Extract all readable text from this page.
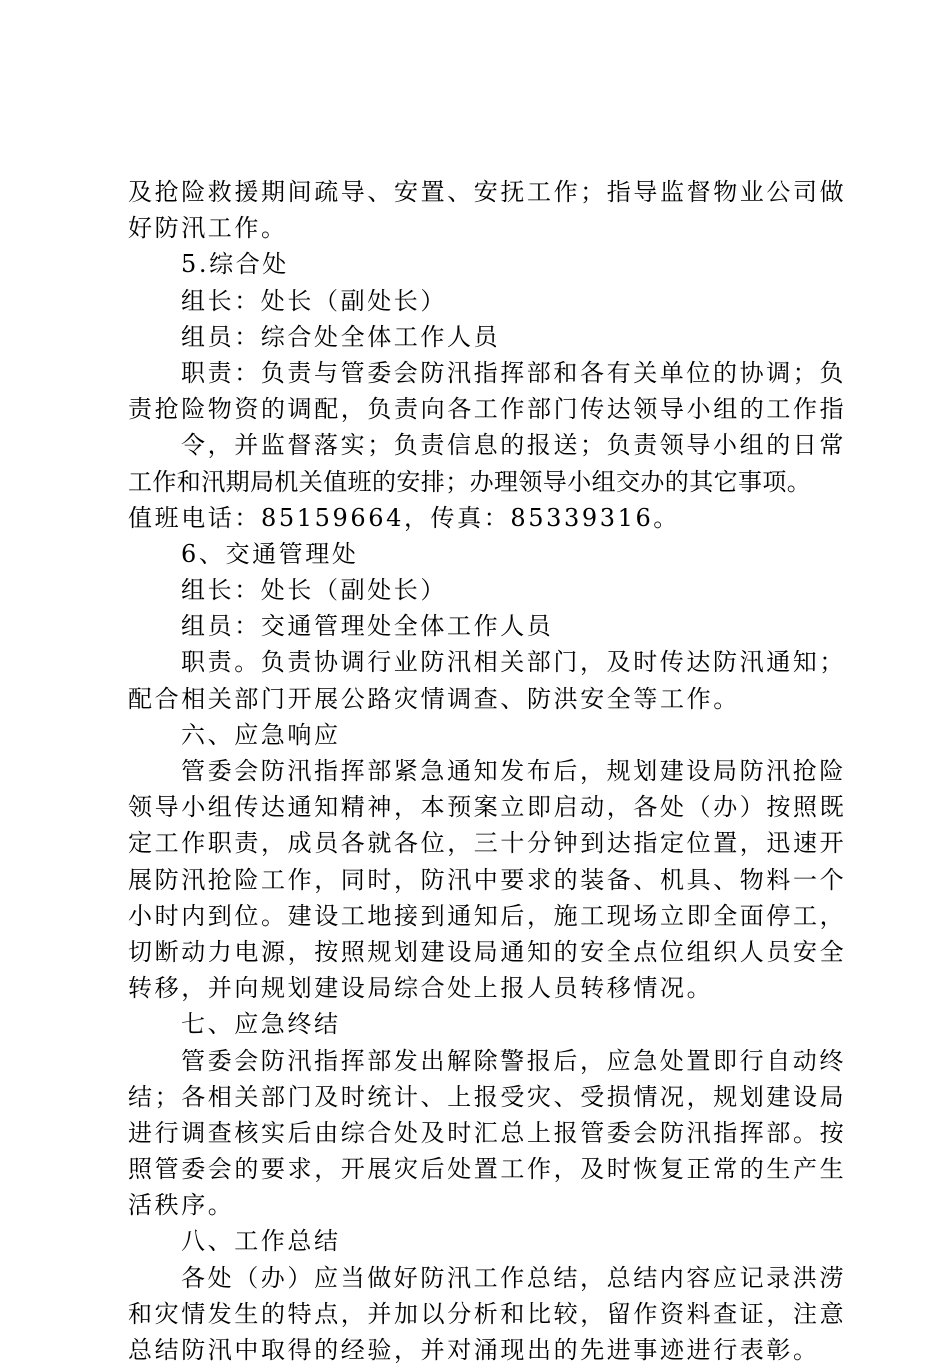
及抢险救援期间疏导、安置、安抚工作；指导监督物业公司做
好防汛工作。
5.综合处
组长：处长（副处长）
组员：综合处全体工作人员
职责：负责与管委会防汛指挥部和各有关单位的协调；负
责抢险物资的调配，负责向各工作部门传达领导小组的工作指
令，并监督落实；负责信息的报送；负责领导小组的日常
工作和汛期局机关值班的安排；办理领导小组交办的其它事项。
值班电话：85159664，传真：85339316。
6、交通管理处
组长：处长（副处长）
组员：交通管理处全体工作人员
职责。负责协调行业防汛相关部门，及时传达防汛通知；
配合相关部门开展公路灾情调查、防洪安全等工作。
六、应急响应
管委会防汛指挥部紧急通知发布后，规划建设局防汛抢险
领导小组传达通知精神，本预案立即启动，各处（办）按照既
定工作职责，成员各就各位，三十分钟到达指定位置，迅速开
展防汛抢险工作，同时，防汛中要求的装备、机具、物料一个
小时内到位。建设工地接到通知后，施工现场立即全面停工，
切断动力电源，按照规划建设局通知的安全点位组织人员安全
转移，并向规划建设局综合处上报人员转移情况。
七、应急终结
管委会防汛指挥部发出解除警报后，应急处置即行自动终
结；各相关部门及时统计、上报受灾、受损情况，规划建设局
进行调查核实后由综合处及时汇总上报管委会防汛指挥部。按
照管委会的要求，开展灾后处置工作，及时恢复正常的生产生
活秩序。
八、工作总结
各处（办）应当做好防汛工作总结，总结内容应记录洪涝
和灾情发生的特点，并加以分析和比较，留作资料查证，注意
总结防汛中取得的经验，并对涌现出的先进事迹进行表彰。
